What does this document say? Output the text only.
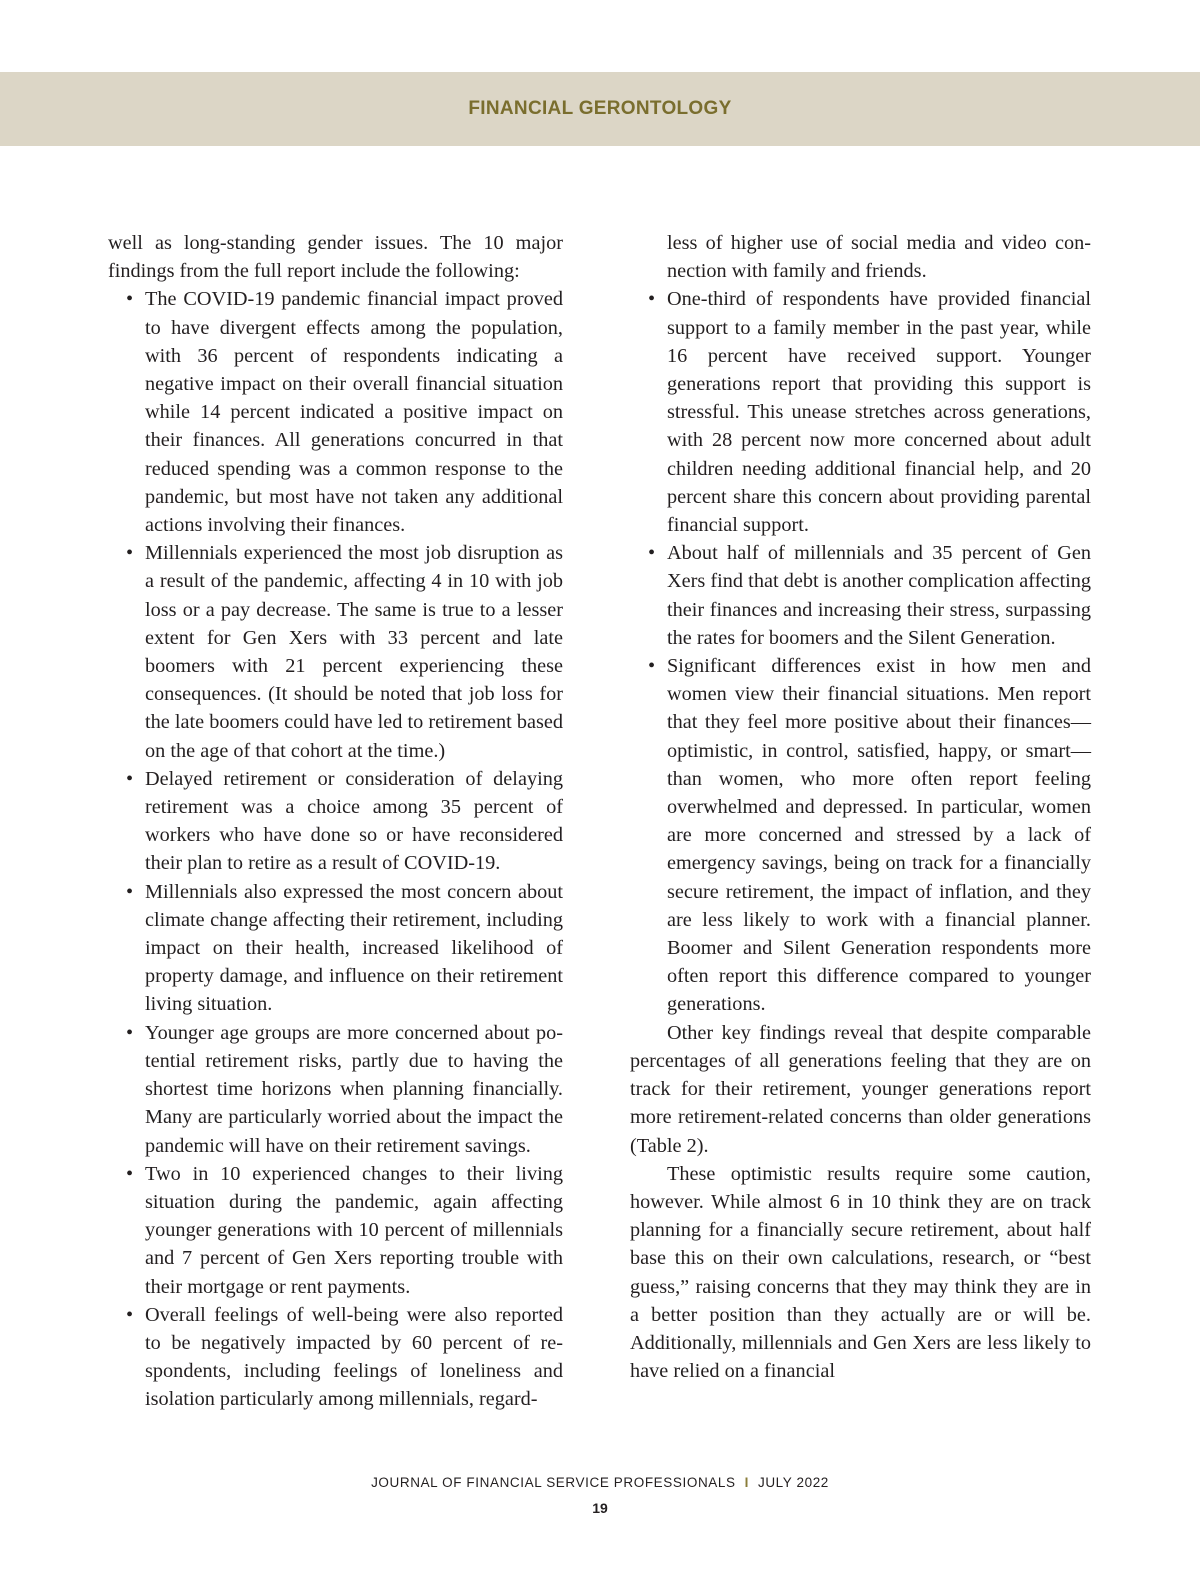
FINANCIAL GERONTOLOGY

well as long-standing gender issues. The 10 major findings from the full report include the following:

• The COVID-19 pandemic financial impact proved to have divergent effects among the population, with 36 percent of respondents indicating a negative impact on their overall financial situation while 14 percent indicated a positive impact on their finances. All generations concurred in that reduced spending was a common response to the pandemic, but most have not taken any additional actions involving their finances.
• Millennials experienced the most job disruption as a result of the pandemic, affecting 4 in 10 with job loss or a pay decrease. The same is true to a lesser extent for Gen Xers with 33 percent and late boomers with 21 percent experiencing these consequences. (It should be noted that job loss for the late boomers could have led to retirement based on the age of that cohort at the time.)
• Delayed retirement or consideration of delaying retirement was a choice among 35 percent of workers who have done so or have reconsidered their plan to retire as a result of COVID-19.
• Millennials also expressed the most concern about climate change affecting their retirement, including impact on their health, increased likelihood of property damage, and influence on their retirement living situation.
• Younger age groups are more concerned about potential retirement risks, partly due to having the shortest time horizons when planning financially. Many are particularly worried about the impact the pandemic will have on their retirement savings.
• Two in 10 experienced changes to their living situation during the pandemic, again affecting younger generations with 10 percent of millennials and 7 percent of Gen Xers reporting trouble with their mortgage or rent payments.
• Overall feelings of well-being were also reported to be negatively impacted by 60 percent of respondents, including feelings of loneliness and isolation particularly among millennials, regard-
less of higher use of social media and video connection with family and friends.
• One-third of respondents have provided financial support to a family member in the past year, while 16 percent have received support. Younger generations report that providing this support is stressful. This unease stretches across generations, with 28 percent now more concerned about adult children needing additional financial help, and 20 percent share this concern about providing parental financial support.
• About half of millennials and 35 percent of Gen Xers find that debt is another complication affecting their finances and increasing their stress, surpassing the rates for boomers and the Silent Generation.
• Significant differences exist in how men and women view their financial situations. Men report that they feel more positive about their finances—optimistic, in control, satisfied, happy, or smart—than women, who more often report feeling overwhelmed and depressed. In particular, women are more concerned and stressed by a lack of emergency savings, being on track for a financially secure retirement, the impact of inflation, and they are less likely to work with a financial planner. Boomer and Silent Generation respondents more often report this difference compared to younger generations.

Other key findings reveal that despite comparable percentages of all generations feeling that they are on track for their retirement, younger generations report more retirement-related concerns than older generations (Table 2).

These optimistic results require some caution, however. While almost 6 in 10 think they are on track planning for a financially secure retirement, about half base this on their own calculations, research, or “best guess,” raising concerns that they may think they are in a better position than they actually are or will be. Additionally, millennials and Gen Xers are less likely to have relied on a financial

JOURNAL OF FINANCIAL SERVICE PROFESSIONALS I JULY 2022
19
